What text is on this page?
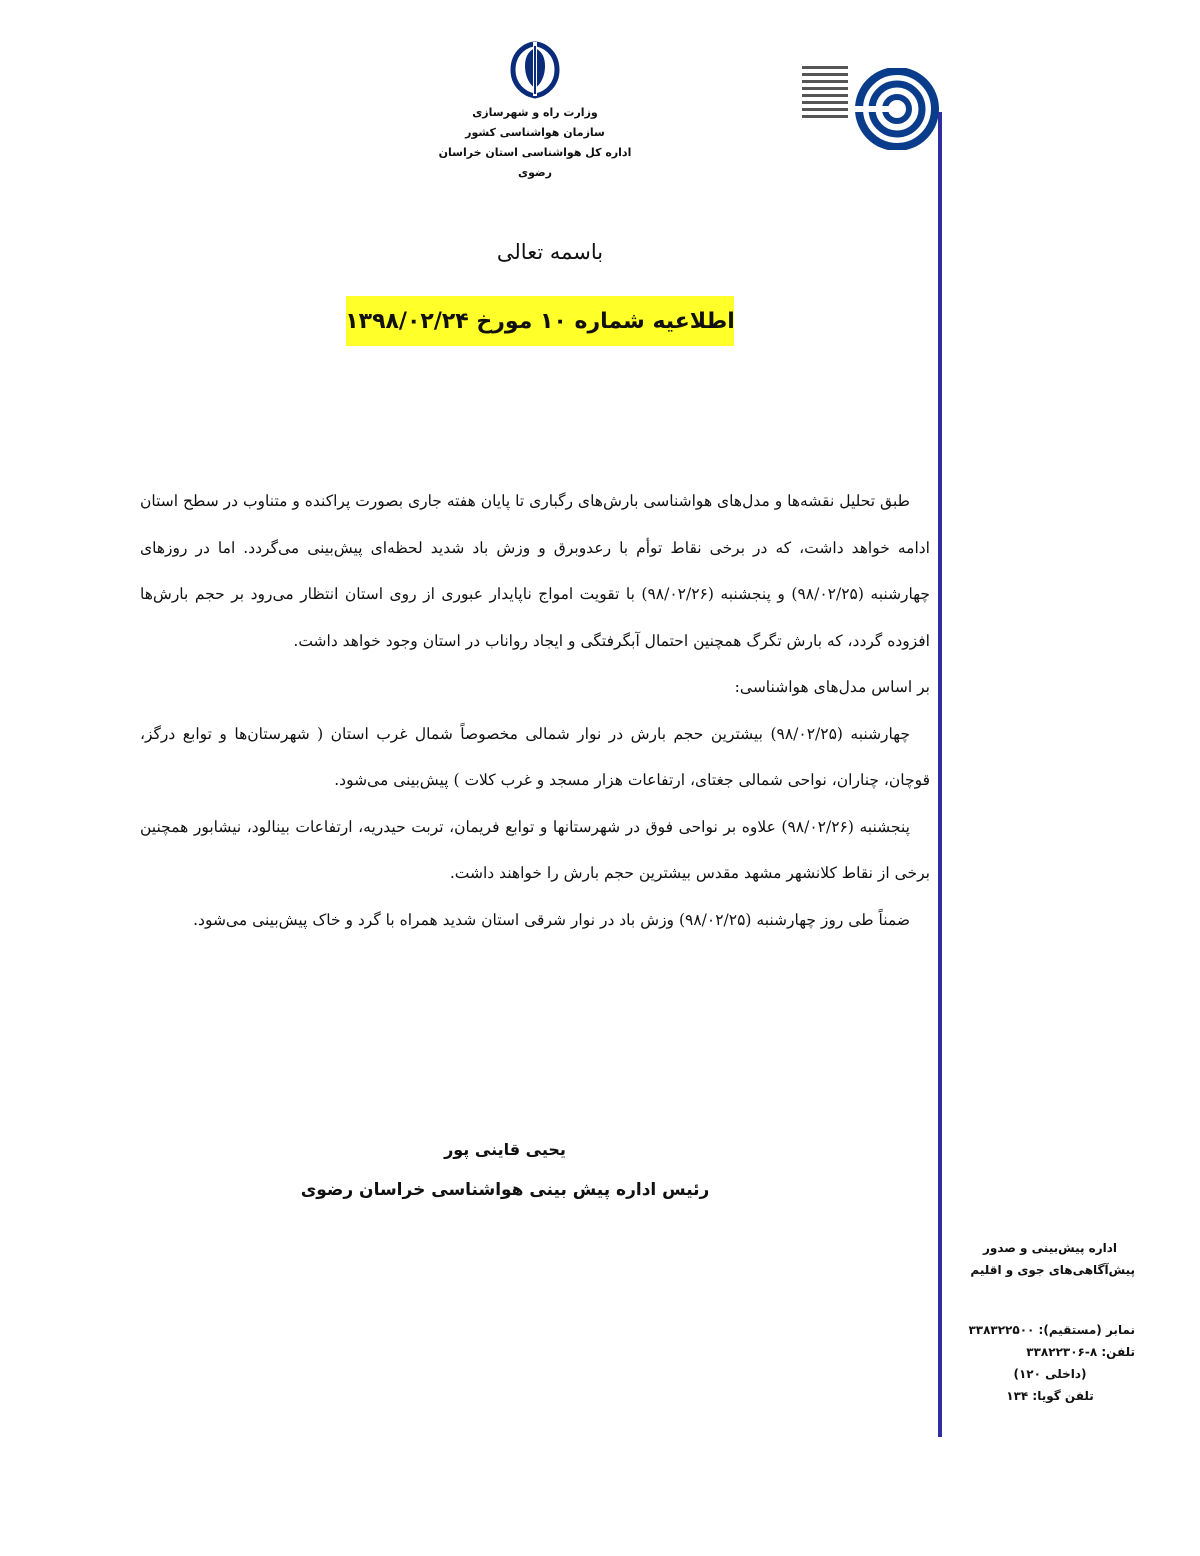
وزارت راه و شهرسازی
سازمان هواشناسی کشور
اداره کل هواشناسی استان خراسان رضوی
باسمه تعالی
اطلاعیه شماره ۱۰ مورخ ۱۳۹۸/۰۲/۲۴

طبق تحلیل نقشه‌ها و مدل‌های هواشناسی بارش‌های رگباری تا پایان هفته جاری بصورت پراکنده و متناوب در سطح استان ادامه خواهد داشت، که در برخی نقاط توأم با رعدوبرق و وزش باد شدید لحظه‌ای پیش‌بینی می‌گردد. اما در روزهای چهارشنبه (۹۸/۰۲/۲۵) و پنجشنبه (۹۸/۰۲/۲۶) با تقویت امواج ناپایدار عبوری از روی استان انتظار می‌رود بر حجم بارش‌ها افزوده گردد، که بارش تگرگ همچنین احتمال آبگرفتگی و ایجاد رواناب در استان وجود خواهد داشت.

بر اساس مدل‌های هواشناسی:

چهارشنبه (۹۸/۰۲/۲۵) بیشترین حجم بارش در نوار شمالی مخصوصاً شمال غرب استان ( شهرستان‌ها و توابع درگز، قوچان، چناران، نواحی شمالی جغتای، ارتفاعات هزار مسجد و غرب کلات ) پیش‌بینی می‌شود.

پنجشنبه (۹۸/۰۲/۲۶) علاوه بر نواحی فوق در شهرستانها و توابع فریمان، تربت حیدریه، ارتفاعات بینالود، نیشابور همچنین برخی از نقاط کلانشهر مشهد مقدس بیشترین حجم بارش را خواهند داشت.

ضمناً طی روز چهارشنبه (۹۸/۰۲/۲۵) وزش باد در نوار شرقی استان شدید همراه با گرد و خاک پیش‌بینی می‌شود.

یحیی قاینی پور
رئیس اداره پیش بینی هواشناسی خراسان رضوی
اداره پیش‌بینی و صدور
پیش‌آگاهی‌های جوی و اقلیم
نمابر (مستقیم): ۳۳۸۳۲۲۵۰۰
تلفن: ۸-۳۳۸۲۲۳۰۶
(داخلی ۱۲۰)
تلفن گویا: ۱۳۴
